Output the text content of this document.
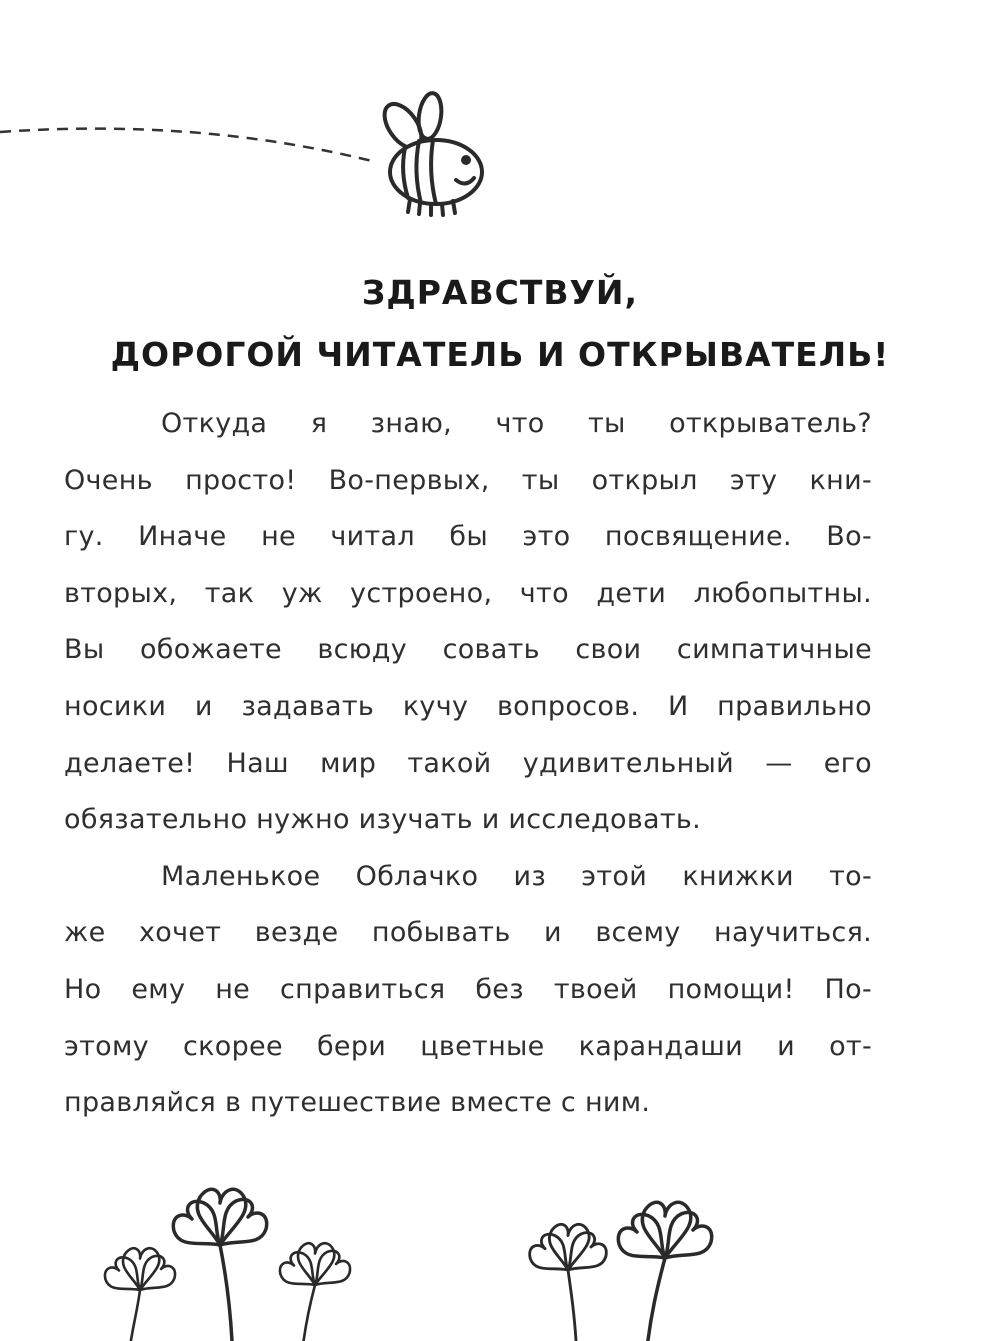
ЗДРАВСТВУЙ,
ДОРОГОЙ ЧИТАТЕЛЬ И ОТКРЫВАТЕЛЬ!
Откуда я знаю, что ты открыватель?
Очень просто! Во-первых, ты открыл эту кни-
гу. Иначе не читал бы это посвящение. Во-
вторых, так уж устроено, что дети любопытны.
Вы обожаете всюду совать свои симпатичные
носики и задавать кучу вопросов. И правильно
делаете! Наш мир такой удивительный — его
обязательно нужно изучать и исследовать.
Маленькое Облачко из этой книжки то-
же хочет везде побывать и всему научиться.
Но ему не справиться без твоей помощи! По-
этому скорее бери цветные карандаши и от-
правляйся в путешествие вместе с ним.
